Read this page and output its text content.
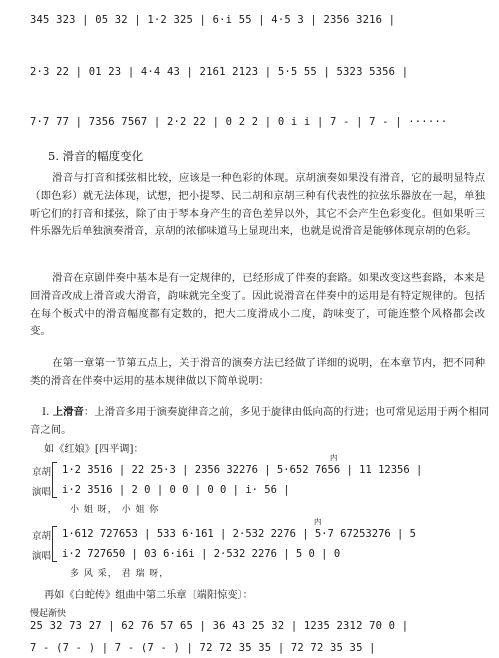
345 323 | 05 32 | 1·2 325 | 6·i 55 | 4·5 3 | 2356 3216 |
2·3 22 | 01 23 | 4·4 43 | 2161 2123 | 5·5 55 | 5323 5356 |
7·7 77 | 7356 7567 | 2·2 22 | 0 2 2 | 0 i i | 7 - | 7 - | ······
5. 滑音的幅度变化

滑音与打音和揉弦相比较，应该是一种色彩的体现。京胡演奏如果没有滑音，它的最明显特点（即色彩）就无法体现，试想，把小提琴、民二胡和京胡三种有代表性的拉弦乐器放在一起，单独听它们的打音和揉弦，除了由于琴本身产生的音色差异以外，其它不会产生色彩变化。但如果听三件乐器先后单独演奏滑音，京胡的浓郁味道马上显现出来，也就是说滑音是能够体现京胡的色彩。

滑音在京剧伴奏中基本是有一定规律的，已经形成了伴奏的套路。如果改变这些套路，本来是回滑音改成上滑音或大滑音，韵味就完全变了。因此说滑音在伴奏中的运用是有特定规律的。包括在每个板式中的滑音幅度都有定数的，把大二度滑成小二度，韵味变了，可能连整个风格都会改变。

在第一章第一节第五点上，关于滑音的演奏方法已经做了详细的说明，在本章节内，把不同种类的滑音在伴奏中运用的基本规律做以下简单说明：

Ⅰ. 上滑音：上滑音多用于演奏旋律音之前，多见于旋律由低向高的行进；也可常见运用于两个相同音之间。
如《红娘》[四平调]：
京胡
演唱
内
1·2 3516 | 22 25·3 | 2356 32276 | 5·652 7656 | 11 12356 |
i·2 3516 | 2 0 | 0 0 | 0 0 | i· 56 |
小 姐 呀， 小 姐 你
京胡
演唱
内
1·612 727653 | 533 6·161 | 2·532 2276 | 5·7 67253276 | 5
i·2 727650 | 03 6·i6i | 2·532 2276 | 5 0 | 0
多 风 采， 君 瑞 呀，
再如《白蛇传》组曲中第二乐章〔端阳惊变〕：
慢起渐快
25 32 73 27 | 62 76 57 65 | 36 43 25 32 | 1235 2312 70 0 |
7 - (7 - ) | 7 - (7 - ) | 72 72 35 35 | 72 72 35 35 |
